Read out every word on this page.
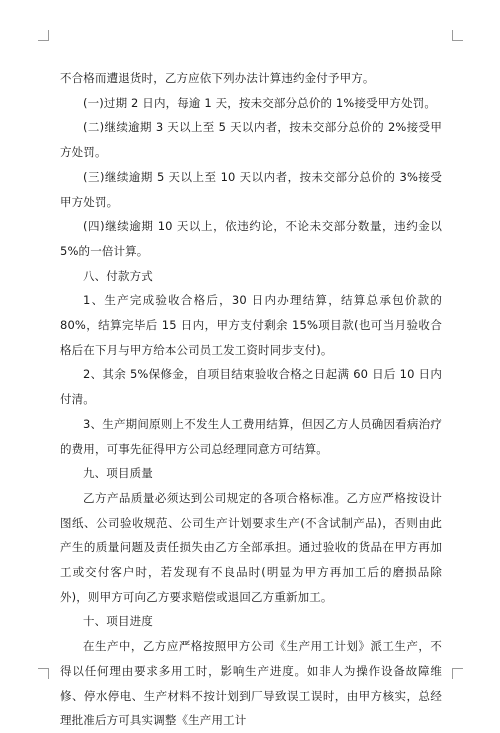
不合格而遭退货时，乙方应依下列办法计算违约金付予甲方。

(一)过期 2 日内，每逾 1 天，按未交部分总价的 1%接受甲方处罚。

(二)继续逾期 3 天以上至 5 天以内者，按未交部分总价的 2%接受甲方处罚。

(三)继续逾期 5 天以上至 10 天以内者，按未交部分总价的 3%接受甲方处罚。

(四)继续逾期 10 天以上，依违约论，不论未交部分数量，违约金以 5%的一倍计算。

八、付款方式

1、生产完成验收合格后，30 日内办理结算，结算总承包价款的 80%，结算完毕后 15 日内，甲方支付剩余 15%项目款(也可当月验收合格后在下月与甲方给本公司员工发工资时同步支付)。

2、其余 5%保修金，自项目结束验收合格之日起满 60 日后 10 日内付清。

3、生产期间原则上不发生人工费用结算，但因乙方人员确因看病治疗的费用，可事先征得甲方公司总经理同意方可结算。

九、项目质量

乙方产品质量必须达到公司规定的各项合格标准。乙方应严格按设计图纸、公司验收规范、公司生产计划要求生产(不含试制产品)，否则由此产生的质量问题及责任损失由乙方全部承担。通过验收的货品在甲方再加工或交付客户时，若发现有不良品时(明显为甲方再加工后的磨损品除外)，则甲方可向乙方要求赔偿或退回乙方重新加工。

十、项目进度

在生产中，乙方应严格按照甲方公司《生产用工计划》派工生产，不得以任何理由要求多用工时，影响生产进度。如非人为操作设备故障维修、停水停电、生产材料不按计划到厂导致误工误时，由甲方核实，总经理批准后方可具实调整《生产用工计
